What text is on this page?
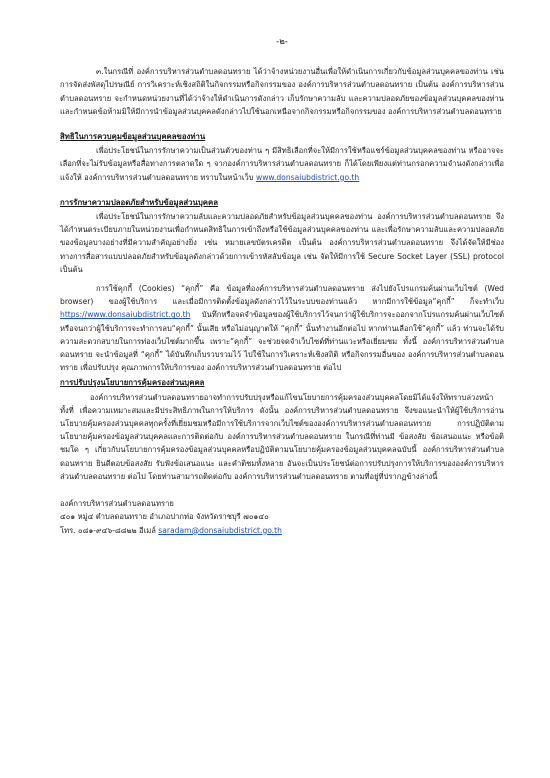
-๒-

๓.ในกรณีที่ องค์การบริหารส่วนตำบลดอนทราย ได้ว่าจ้างหน่วยงานอื่นเพื่อให้ดำเนินการเกี่ยวกับข้อมูลส่วนบุคคลของท่าน เช่น การจัดส่งพัสดุไปรษณีย์ การวิเคราะห์เชิงสถิติในกิจกรรมหรือกิจกรรมของ องค์การบริหารส่วนตำบลดอนทราย เป็นต้น องค์การบริหารส่วนตำบลดอนทราย จะกำหนดหน่วยงานที่ได้ว่าจ้างให้ดำเนินการดังกล่าว เก็บรักษาความลับ และความปลอดภัยของข้อมูลส่วนบุคคลของท่าน และกำหนดข้อห้ามมิให้มีการนำข้อมูลส่วนบุคคลดังกล่าวไปใช้นอกเหนือจากกิจกรรมหรือกิจกรรมของ องค์การบริหารส่วนตำบลดอนทราย

สิทธิในการควบคุมข้อมูลส่วนบุคคลของท่าน

เพื่อประโยชน์ในการรักษาความเป็นส่วนตัวของท่าน ๆ มีสิทธิเลือกที่จะให้มีการใช้หรือแชร์ข้อมูลส่วนบุคคลของท่าน หรืออาจจะเลือกที่จะไม่รับข้อมูลหรือสื่อทางการตลาดใด ๆ จากองค์การบริหารส่วนตำบลดอนทราย ก็ได้โดยเพียงแต่ท่านกรอกความจำนงดังกล่าวเพื่อแจ้งให้ องค์การบริหารส่วนตำบลดอนทราย ทราบในหน้าเว็บ www.donsaiubdistrict.go.th

การรักษาความปลอดภัยสำหรับข้อมูลส่วนบุคคล

เพื่อประโยชน์ในการรักษาความลับและความปลอดภัยสำหรับข้อมูลส่วนบุคคลของท่าน องค์การบริหารส่วนตำบลดอนทราย จึงได้กำหนดระเบียบภายในหน่วยงานเพื่อกำหนดสิทธิในการเข้าถึงหรือใช้ข้อมูลส่วนบุคคลของท่าน และเพื่อรักษาความลับและความปลอดภัยของข้อมูลบางอย่างที่มีความสำคัญอย่างยิ่ง เช่น หมายเลขบัตรเครดิต เป็นต้น องค์การบริหารส่วนตำบลดอนทราย จึงได้จัดให้มีช่องทางการสื่อสารแบบปลอดภัยสำหรับข้อมูลดังกล่าวด้วยการเข้ารหัสลับข้อมูล เช่น จัดให้มีการใช้ Secure Socket Layer (SSL) protocol เป็นต้น

การใช้คุกกี้ (Cookies) “คุกกี้” คือ ข้อมูลที่องค์การบริหารส่วนตำบลดอนทราย ส่งไปยังโปรแกรมค้นผ่านเว็บไซต์ (Wed browser) ของผู้ใช้บริการ และเมื่อมีการติดตั้งข้อมูลดังกล่าวไว้ในระบบของท่านแล้ว หากมีการใช้ข้อมูล“คุกกี้” ก็จะทำเว็บ https://www.donsaiubdistrict.go.th บันทึกหรือจดจำข้อมูลของผู้ใช้บริการไว้จนกว่าผู้ใช้บริการจะออกจากโปรแกรมค้นผ่านเว็บไซต์ หรือจนกว่าผู้ใช้บริการจะทำการลบ“คุกกี้” นั้นเสีย หรือไม่อนุญาตให้ “คุกกี้” นั้นทำงานอีกต่อไป หากท่านเลือกใช้“คุกกี้” แล้ว ท่านจะได้รับความสะดวกสบายในการท่องเว็บไซต์มากขึ้น เพราะ“คุกกี้” จะช่วยจดจำเว็บไซต์ที่ท่านแวะหรือเยี่ยมชม ทั้งนี้ องค์การบริหารส่วนตำบลดอนทราย จะนำข้อมูลที่ “คุกกี้” ได้บันทึกเก็บรวบรวมไว้ ไปใช้ในการวิเคราะห์เชิงสถิติ หรือกิจกรรมอื่นของ องค์การบริหารส่วนตำบลดอนทราย เพื่อปรับปรุง คุณภาพการให้บริการของ องค์การบริหารส่วนตำบลดอนทราย ต่อไป

การปรับปรุงนโยบายการคุ้มครองส่วนบุคคล

องค์การบริหารส่วนตำบลดอนทรายอาจทำการปรับปรุงหรือแก้ไขนโยบายการคุ้มครองส่วนบุคคลโดยมิได้แจ้งให้ทราบล่วงหน้า ทั้งที่ เพื่อความเหมาะสมและมีประสิทธิภาพในการให้บริการ ดังนั้น องค์การบริหารส่วนตำบลดอนทราย จึงขอแนะนำให้ผู้ใช้บริการอ่านนโยบายคุ้มครองส่วนบุคคลทุกครั้งที่เยี่ยมชมหรือมีการใช้บริการจากเว็บไซต์ขององค์การบริหารส่วนตำบลดอนทราย การปฏิบัติตามนโยบายคุ้มครองข้อมูลส่วนบุคคลและการติดต่อกับ องค์การบริหารส่วนตำบลดอนทราย ในกรณีที่ท่านมี ข้อสงสัย ข้อเสนอแนะ หรือข้อติชมใด ๆ เกี่ยวกับนโยบายการคุ้มครองข้อมูลส่วนบุคคลหรือปฏิบัติตามนโยบายคุ้มครองข้อมูลส่วนบุคคลฉบับนี้ องค์การบริหารส่วนตำบลดอนทราย ยินดีตอบข้อสงสัย รับฟังข้อเสนอแนะ และคำติชมทั้งหลาย อันจะเป็นประโยชน์ต่อการปรับปรุงการให้บริการขององค์การบริหารส่วนตำบลดอนทราย ต่อไป โดยท่านสามารถติดต่อกับ องค์การบริหารส่วนตำบลดอนทราย ตามที่อยู่ที่ปรากฏข้างล่างนี้

องค์การบริหารส่วนตำบลดอนทราย

๔๐๑ หมู่๔ ตำบลดอนทราย อำเภอปากท่อ จังหวัดราชบุรี ๗๐๑๔๐

โทร. ๐๘๑-๙๔๖-๘๘๒๒ อีเมล์ saradam@donsaiubdistrict.go.th
